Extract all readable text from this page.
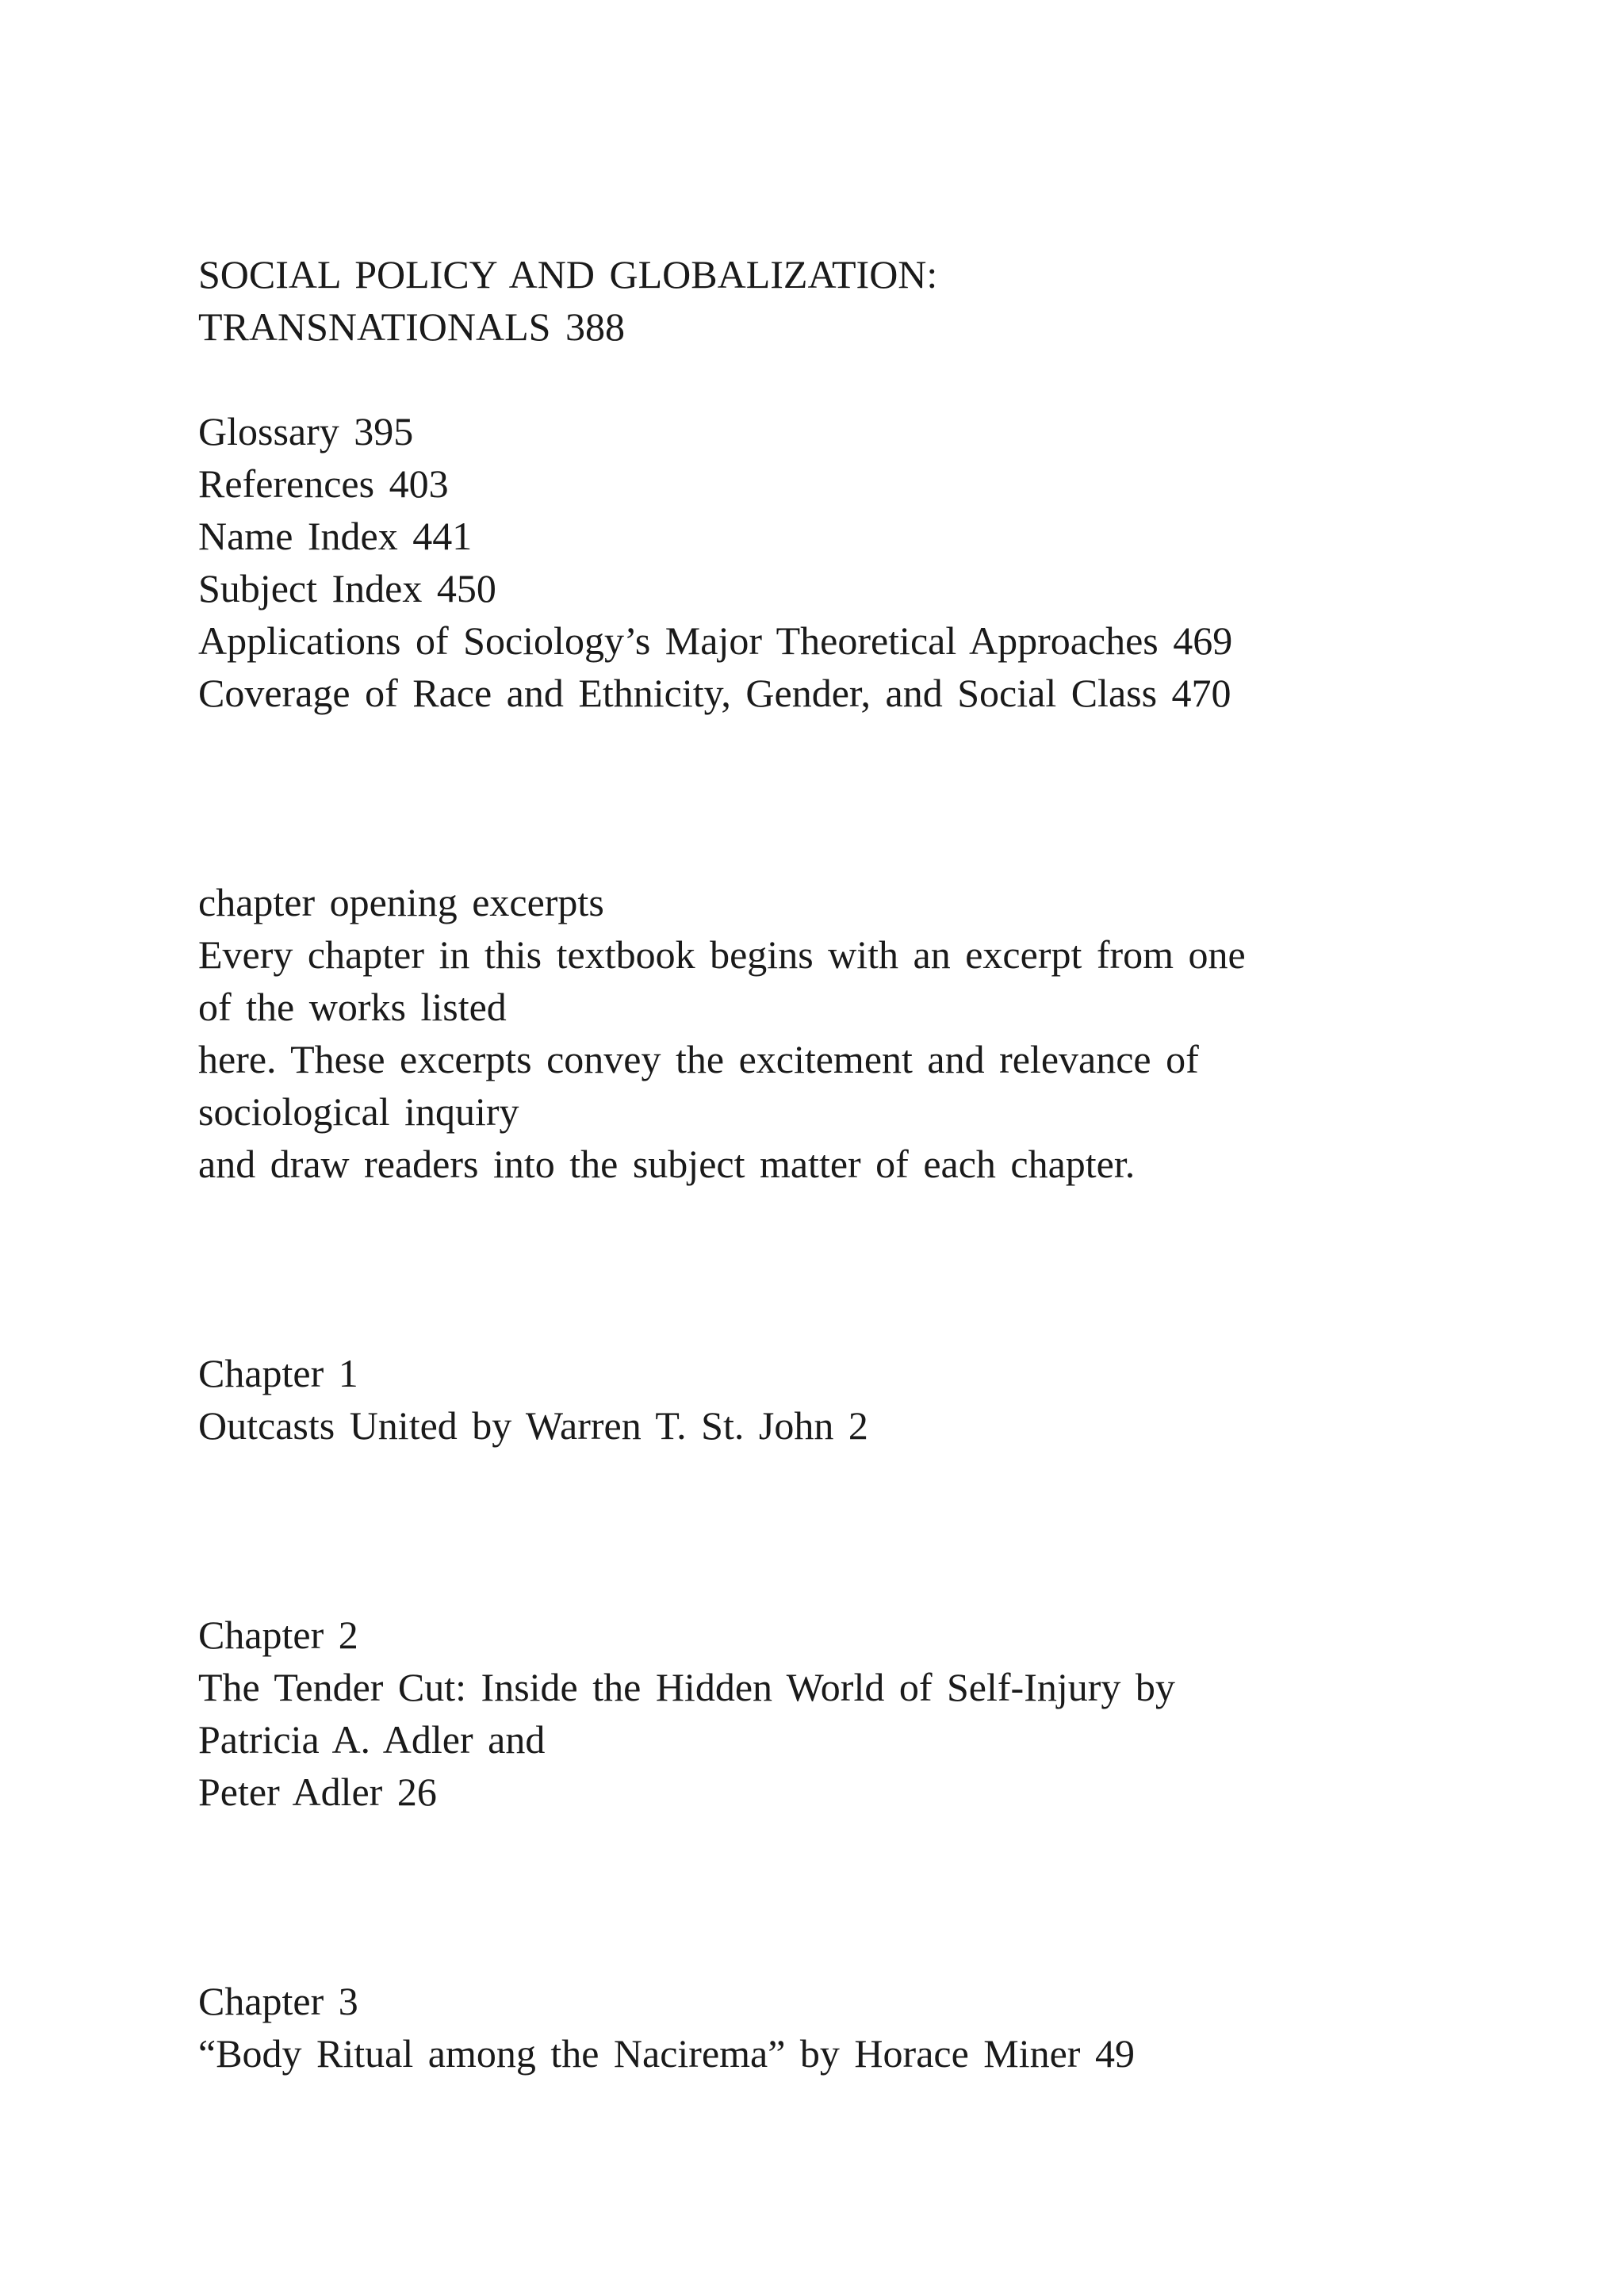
SOCIAL POLICY AND GLOBALIZATION:
TRANSNATIONALS 388
Glossary 395
References 403
Name Index 441
Subject Index 450
Applications of Sociology’s Major Theoretical Approaches 469
Coverage of Race and Ethnicity, Gender, and Social Class 470
chapter opening excerpts
Every chapter in this textbook begins with an excerpt from one
of the works listed
here. These excerpts convey the excitement and relevance of
sociological inquiry
and draw readers into the subject matter of each chapter.
Chapter 1
Outcasts United by Warren T. St. John 2
Chapter 2
The Tender Cut: Inside the Hidden World of Self-Injury by
Patricia A. Adler and
Peter Adler 26
Chapter 3
“Body Ritual among the Nacirema” by Horace Miner 49
